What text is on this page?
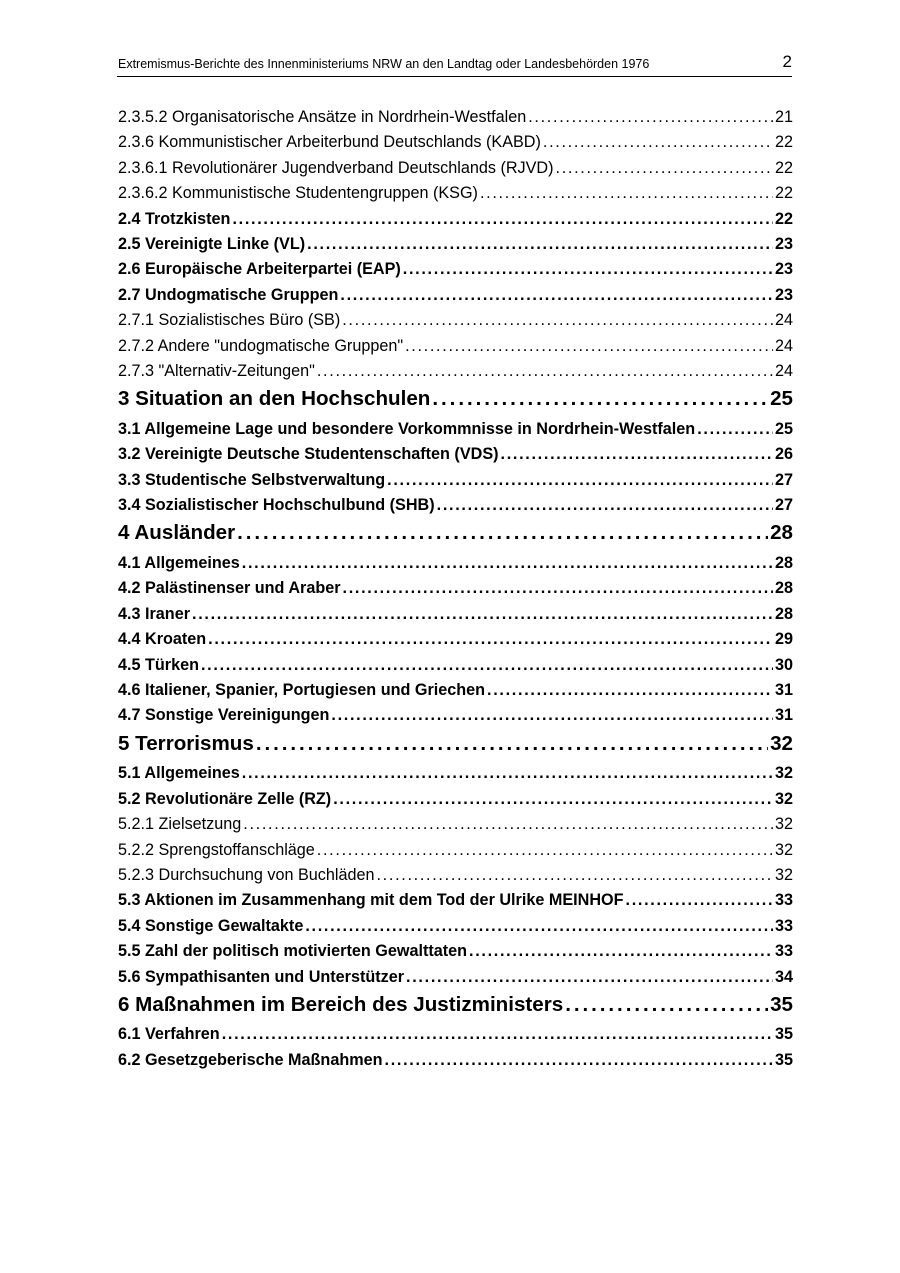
Extremismus-Berichte des Innenministeriums NRW an den Landtag oder Landesbehörden 1976	2
2.3.5.2 Organisatorische Ansätze in Nordrhein-Westfalen . . .	21
2.3.6 Kommunistischer Arbeiterbund Deutschlands (KABD) . . .	22
2.3.6.1 Revolutionärer Jugendverband Deutschlands (RJVD) . . .	22
2.3.6.2 Kommunistische Studentengruppen (KSG) . . .	22
2.4 Trotzkisten . . .	22
2.5 Vereinigte Linke (VL) . . .	23
2.6 Europäische Arbeiterpartei (EAP) . . .	23
2.7 Undogmatische Gruppen . . .	23
2.7.1 Sozialistisches Büro (SB) . . .	24
2.7.2 Andere "undogmatische Gruppen" . . .	24
2.7.3 "Alternativ-Zeitungen" . . .	24
3 Situation an den Hochschulen . . .	25
3.1 Allgemeine Lage und besondere Vorkommnisse in Nordrhein-Westfalen . . .	25
3.2 Vereinigte Deutsche Studentenschaften (VDS) . . .	26
3.3 Studentische Selbstverwaltung . . .	27
3.4 Sozialistischer Hochschulbund (SHB) . . .	27
4 Ausländer . . .	28
4.1 Allgemeines . . .	28
4.2 Palästinenser und Araber . . .	28
4.3 Iraner . . .	28
4.4 Kroaten . . .	29
4.5 Türken . . .	30
4.6 Italiener, Spanier, Portugiesen und Griechen . . .	31
4.7 Sonstige Vereinigungen . . .	31
5 Terrorismus . . .	32
5.1 Allgemeines . . .	32
5.2 Revolutionäre Zelle (RZ) . . .	32
5.2.1 Zielsetzung . . .	32
5.2.2 Sprengstoffanschläge . . .	32
5.2.3 Durchsuchung von Buchläden . . .	32
5.3 Aktionen im Zusammenhang mit dem Tod der Ulrike MEINHOF . . .	33
5.4 Sonstige Gewaltakte . . .	33
5.5 Zahl der politisch motivierten Gewalttaten . . .	33
5.6 Sympathisanten und Unterstützer . . .	34
6 Maßnahmen im Bereich des Justizministers . . .	35
6.1 Verfahren . . .	35
6.2 Gesetzgeberische Maßnahmen . . .	35
